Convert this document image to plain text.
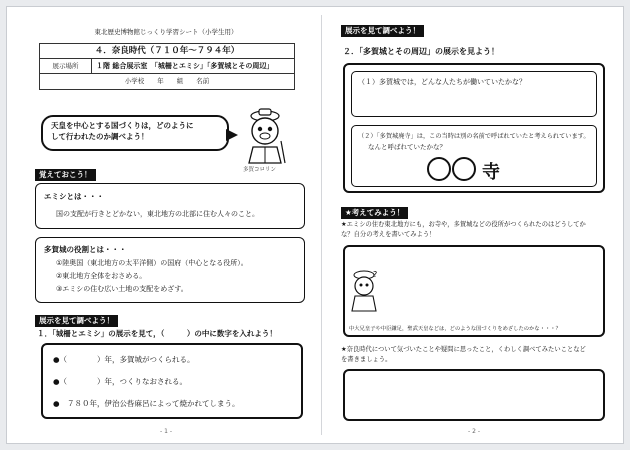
東北歴史博物館じっくり学習シート（小学生用）
４．奈良時代（７１０年〜７９４年）
展示場所	１階 総合展示室　「城柵とエミシ」「多賀城とその周辺」
小学校　　年　　組　　名前
天皇を中心とする国づくりは，どのように
して行われたのか調べよう！
多賀コロリン
覚えておこう！
エミシとは・・・
国の支配が行きとどかない，東北地方の北部に住む人々のこと。
多賀城の役割とは・・・
①陸奥国（東北地方の太平洋側）の国府（中心となる役所）。
②東北地方全体をおさめる。
③エミシの住む広い土地の支配をめざす。
展示を見て調べよう！
１．「城柵とエミシ」の展示を見て，（　　　）の中に数字を入れよう！
●（　　　　）年，多賀城がつくられる。
●（　　　　）年，つくりなおされる。
●　７８０年，伊治公呰麻呂によって焼かれてしまう。
- 1 -
展示を見て調べよう！
２．「多賀城とその周辺」の展示を見よう！
（１）多賀城では，どんな人たちが働いていたかな？
（２）「多賀城廃寺」は，この当時は別の名前で呼ばれていたと考えられています。
なんと呼ばれていたかな？
寺
★考えてみよう！
★エミシの住む東北地方にも，お寺や，多賀城などの役所がつくられたのはどうしてか
な？自分の考えを書いてみよう！
?
中大兄皇子や中臣鎌足，聖武天皇などは，どのような国づくりをめざしたのかな・・・？
★奈良時代について気づいたことや疑問に思ったこと，くわしく調べてみたいことなど
を書きましょう。
- 2 -
